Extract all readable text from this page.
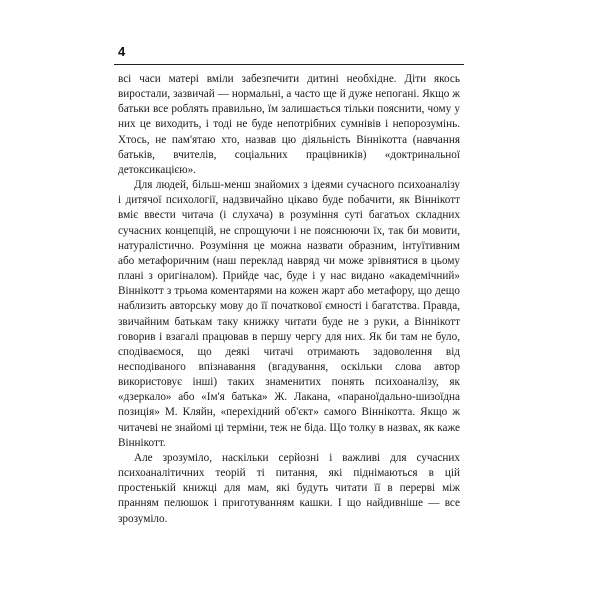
4

всі часи матері вміли забезпечити дитині необхідне. Діти якось виростали, зазвичай — нормальні, а часто ще й дуже непогані. Якщо ж батьки все роблять правильно, їм залишається тільки пояснити, чому у них це виходить, і тоді не буде непотрібних сумнівів і непорозумінь. Хтось, не пам'ятаю хто, назвав цю діяльність Віннікотта (навчання батьків, вчителів, соціальних працівників) «доктринальної детоксикацією».

Для людей, більш-менш знайомих з ідеями сучасного психоаналізу і дитячої психології, надзвичайно цікаво буде побачити, як Віннікотт вміє ввести читача (і слухача) в розуміння суті багатьох складних сучасних концепцій, не спрощуючи і не пояснюючи їх, так би мовити, натуралістично. Розуміння це можна назвати образним, інтуїтивним або метафоричним (наш переклад навряд чи може зрівнятися в цьому плані з оригіналом). Прийде час, буде і у нас видано «академічний» Віннікотт з трьома коментарями на кожен жарт або метафору, що дещо наблизить авторську мову до її початкової ємності і багатства. Правда, звичайним батькам таку книжку читати буде не з руки, а Віннікотт говорив і взагалі працював в першу чергу для них. Як би там не було, сподіваємося, що деякі читачі отримають задоволення від несподіваного впізнавання (вгадування, оскільки слова автор використовує інші) таких знаменитих понять психоаналізу, як «дзеркало» або «Ім'я батька» Ж. Лакана, «параноїдально-шизоїдна позиція» М. Кляйн, «перехідний об'єкт» самого Віннікотта. Якщо ж читачеві не знайомі ці терміни, теж не біда. Що толку в назвах, як каже Віннікотт.

Але зрозуміло, наскільки серйозні і важливі для сучасних психоаналітичних теорій ті питання, які піднімаються в цій простенькій книжці для мам, які будуть читати її в перерві між пранням пелюшок і приготуванням кашки. І що найдивніше — все зрозуміло.
